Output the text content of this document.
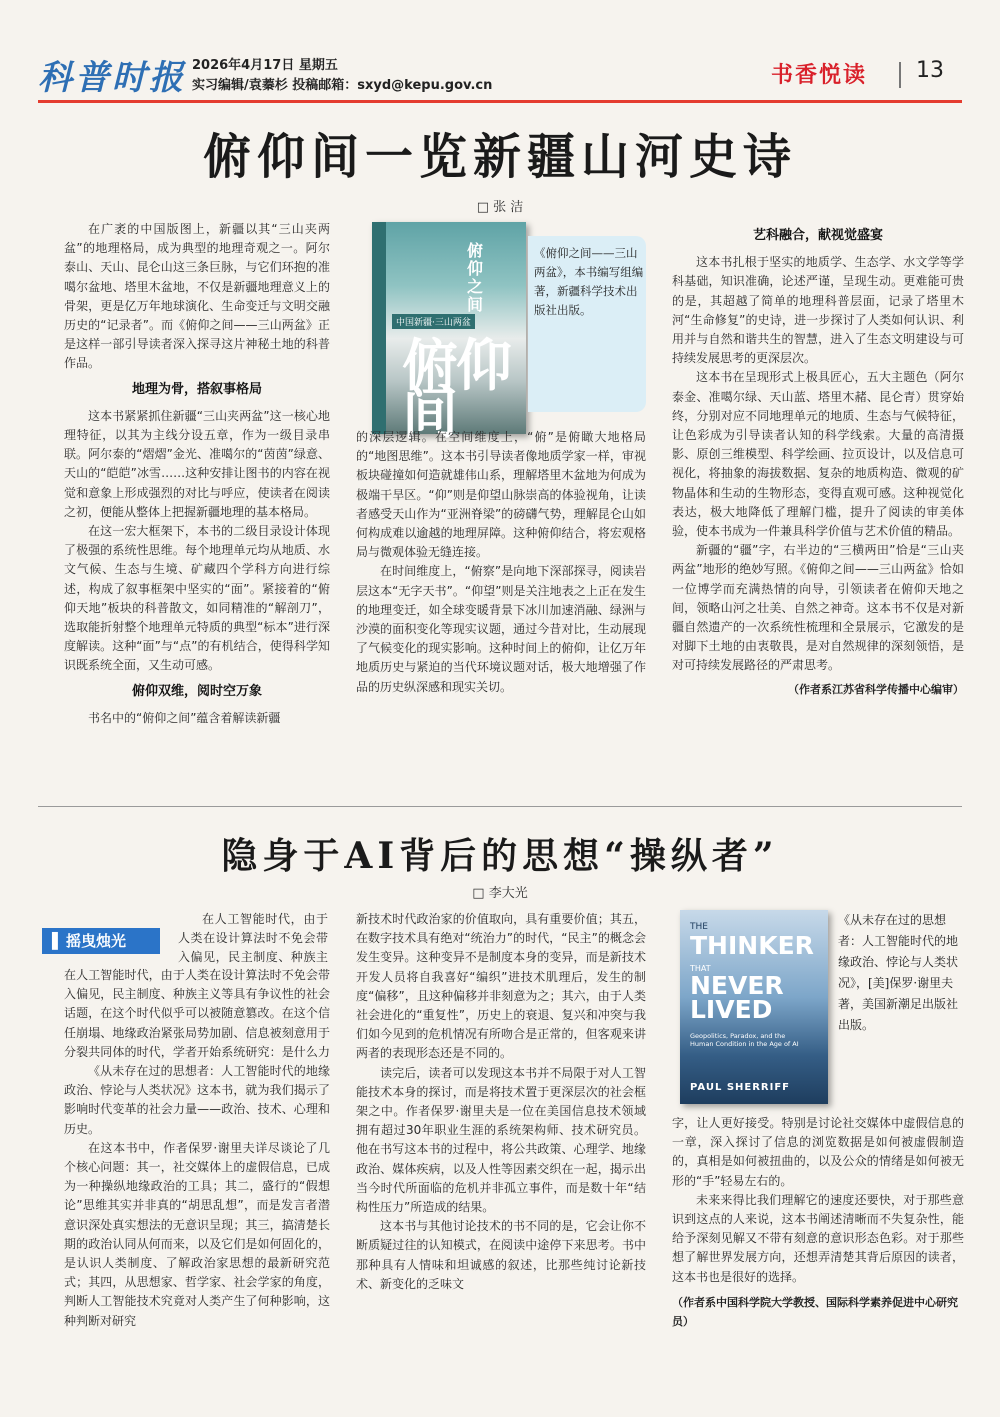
科普时报 2026年4月17日 星期五
实习编辑/袁蓁杉 投稿邮箱：sxyd@kepu.gov.cn	书香悦读 13
俯仰间一览新疆山河史诗
□ 张 洁

在广袤的中国版图上，新疆以其“三山夹两盆”的地理格局，成为典型的地理奇观之一。阿尔泰山、天山、昆仑山这三条巨脉，与它们环抱的准噶尔盆地、塔里木盆地，不仅是新疆地理意义上的骨架，更是亿万年地球演化、生命变迁与文明交融历史的“记录者”。而《俯仰之间——三山两盆》正是这样一部引导读者深入探寻这片神秘土地的科普作品。

地理为骨，搭叙事格局

这本书紧紧抓住新疆“三山夹两盆”这一核心地理特征，以其为主线分设五章，作为一级目录串联。阿尔泰的“熠熠”金光、准噶尔的“茵茵”绿意、天山的“皑皑”冰雪……这种安排让图书的内容在视觉和意象上形成强烈的对比与呼应，使读者在阅读之初，便能从整体上把握新疆地理的基本格局。

在这一宏大框架下，本书的二级目录设计体现了极强的系统性思维。每个地理单元均从地质、水文气候、生态与生境、矿藏四个学科方向进行综述，构成了叙事框架中坚实的“面”。紧接着的“俯仰天地”板块的科普散文，如同精准的“解剖刀”，选取能折射整个地理单元特质的典型“标本”进行深度解读。这种“面”与“点”的有机结合，使得科学知识既系统全面，又生动可感。

俯仰双维，阅时空万象

书名中的“俯仰之间”蕴含着解读新疆

俯仰之间
中国新疆·三山两盆
俯仰间
《俯仰之间——三山两盆》，本书编写组编著，新疆科学技术出版社出版。

的深层逻辑。在空间维度上，“俯”是俯瞰大地格局的“地图思维”。这本书引导读者像地质学家一样，审视板块碰撞如何造就雄伟山系，理解塔里木盆地为何成为极端干旱区。“仰”则是仰望山脉崇高的体验视角，让读者感受天山作为“亚洲脊梁”的磅礴气势，理解昆仑山如何构成难以逾越的地理屏障。这种俯仰结合，将宏观格局与微观体验无缝连接。

在时间维度上，“俯察”是向地下深部探寻，阅读岩层这本“无字天书”。“仰望”则是关注地表之上正在发生的地理变迁，如全球变暖背景下冰川加速消融、绿洲与沙漠的面积变化等现实议题，通过今昔对比，生动展现了气候变化的现实影响。这种时间上的俯仰，让亿万年地质历史与紧迫的当代环境议题对话，极大地增强了作品的历史纵深感和现实关切。

艺科融合，献视觉盛宴

这本书扎根于坚实的地质学、生态学、水文学等学科基础，知识准确，论述严谨，呈现生动。更难能可贵的是，其超越了简单的地理科普层面，记录了塔里木河“生命修复”的史诗，进一步探讨了人类如何认识、利用并与自然和谐共生的智慧，进入了生态文明建设与可持续发展思考的更深层次。

这本书在呈现形式上极具匠心，五大主题色（阿尔泰金、准噶尔绿、天山蓝、塔里木赭、昆仑青）贯穿始终，分别对应不同地理单元的地质、生态与气候特征，让色彩成为引导读者认知的科学线索。大量的高清摄影、原创三维模型、科学绘画、拉页设计，以及信息可视化，将抽象的海拔数据、复杂的地质构造、微观的矿物晶体和生动的生物形态，变得直观可感。这种视觉化表达，极大地降低了理解门槛，提升了阅读的审美体验，使本书成为一件兼具科学价值与艺术价值的精品。

新疆的“疆”字，右半边的“三横两田”恰是“三山夹两盆”地形的绝妙写照。《俯仰之间——三山两盆》恰如一位博学而充满热情的向导，引领读者在俯仰天地之间，领略山河之壮美、自然之神奇。这本书不仅是对新疆自然遗产的一次系统性梳理和全景展示，它激发的是对脚下土地的由衷敬畏，是对自然规律的深刻领悟，是对可持续发展路径的严肃思考。

（作者系江苏省科学传播中心编审）
隐身于AI背后的思想“操纵者”
□ 李大光
▌ 摇曳烛光

在人工智能时代，由于人类在设计算法时不免会带入偏见，民主制度、种族主

在人工智能时代，由于人类在设计算法时不免会带入偏见，民主制度、种族主义等具有争议性的社会话题，在这个时代似乎可以被随意篡改。在这个信任崩塌、地缘政治紧张局势加剧、信息被刻意用于分裂共同体的时代，学者开始系统研究：是什么力

《从未存在过的思想者：人工智能时代的地缘政治、悖论与人类状况》这本书，就为我们揭示了影响时代变革的社会力量——政治、技术、心理和历史。

在这本书中，作者保罗·谢里夫详尽谈论了几个核心问题：其一，社交媒体上的虚假信息，已成为一种操纵地缘政治的工具；其二，盛行的“假想论”思维其实并非真的“胡思乱想”，而是发言者潜意识深处真实想法的无意识呈现；其三，搞清楚长期的政治认同从何而来，以及它们是如何固化的，是认识人类制度、了解政治家思想的最新研究范式；其四，从思想家、哲学家、社会学家的角度，判断人工智能技术究竟对人类产生了何种影响，这种判断对研究

新技术时代政治家的价值取向，具有重要价值；其五，在数字技术具有绝对“统治力”的时代，“民主”的概念会发生变异。这种变异不是制度本身的变异，而是新技术开发人员将自我喜好“编织”进技术肌理后，发生的制度“偏移”，且这种偏移并非刻意为之；其六，由于人类社会进化的“重复性”，历史上的衰退、复兴和冲突与我们如今见到的危机情况有所吻合是正常的，但客观来讲两者的表现形态还是不同的。

读完后，读者可以发现这本书并不局限于对人工智能技术本身的探讨，而是将技术置于更深层次的社会框架之中。作者保罗·谢里夫是一位在美国信息技术领域拥有超过30年职业生涯的系统架构师、技术研究员。他在书写这本书的过程中，将公共政策、心理学、地缘政治、媒体疾病，以及人性等因素交织在一起，揭示出当今时代所面临的危机并非孤立事件，而是数十年“结构性压力”所造成的结果。

这本书与其他讨论技术的书不同的是，它会让你不断质疑过往的认知模式，在阅读中途停下来思考。书中那种具有人情味和坦诚感的叙述，比那些纯讨论新技术、新变化的乏味文

THE
THINKER
THAT
NEVER LIVED
Geopolitics, Paradox, and the Human Condition in the Age of AI
PAUL SHERRIFF
《从未存在过的思想者：人工智能时代的地缘政治、悖论与人类状况》，[美]保罗·谢里夫著，美国新潮足出版社出版。

字，让人更好接受。特别是讨论社交媒体中虚假信息的一章，深入探讨了信息的浏览数据是如何被虚假制造的，真相是如何被扭曲的，以及公众的情绪是如何被无形的“手”轻易左右的。

未来来得比我们理解它的速度还要快，对于那些意识到这点的人来说，这本书阐述清晰而不失复杂性，能给予深刻见解又不带有刻意的意识形态色彩。对于那些想了解世界发展方向，还想弄清楚其背后原因的读者，这本书也是很好的选择。

（作者系中国科学院大学教授、国际科学素养促进中心研究员）
